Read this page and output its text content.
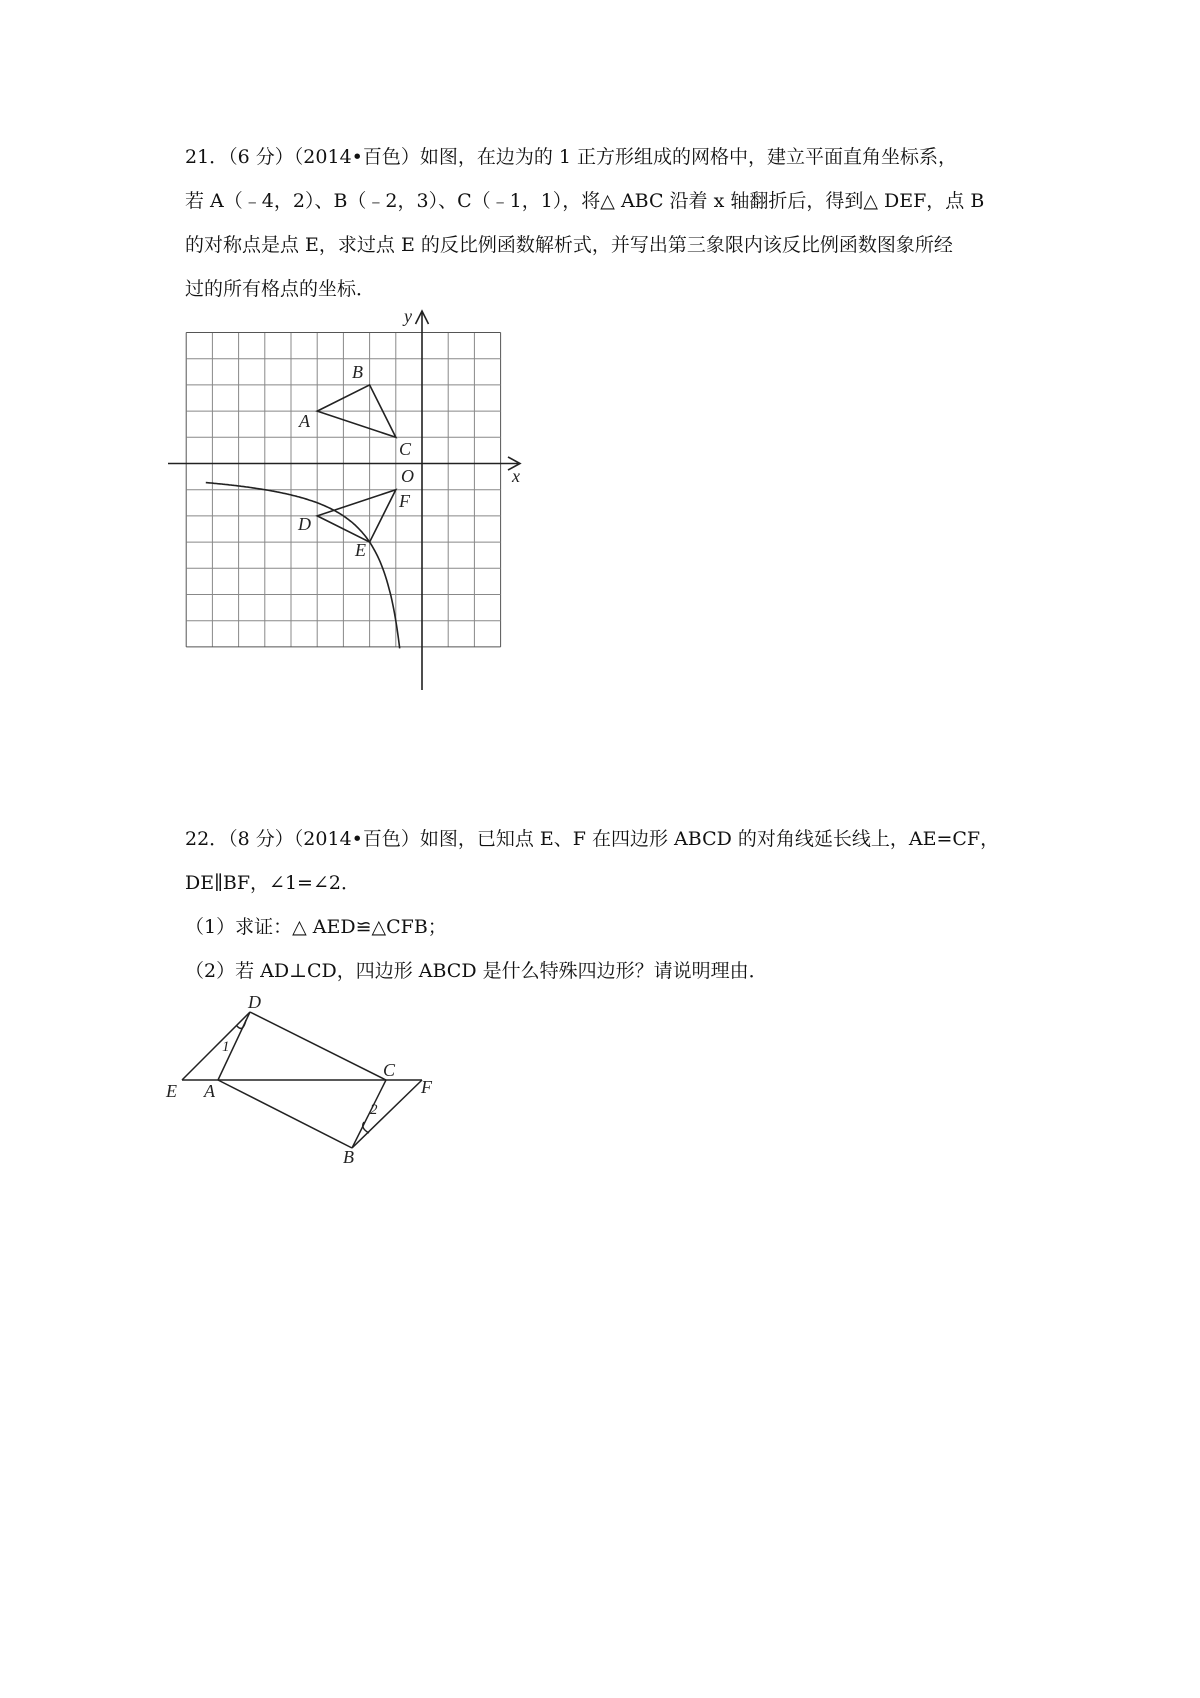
21．（6 分）（2014•百色）如图，在边为的 1 正方形组成的网格中，建立平面直角坐标系，
若 A（﹣4，2）、B（﹣2，3）、C（﹣1，1），将△ ABC 沿着 x 轴翻折后，得到△ DEF，点 B
的对称点是点 E，求过点 E 的反比例函数解析式，并写出第三象限内该反比例函数图象所经
过的所有格点的坐标．
y
x
O
A
B
C
D
E
F
22．（8 分）（2014•百色）如图，已知点 E、F 在四边形 ABCD 的对角线延长线上，AE=CF，
DE∥BF，∠1=∠2．
（1）求证：△ AED≌△CFB；
（2）若 AD⊥CD，四边形 ABCD 是什么特殊四边形？请说明理由．
D
E A
C
F
B
1
2
